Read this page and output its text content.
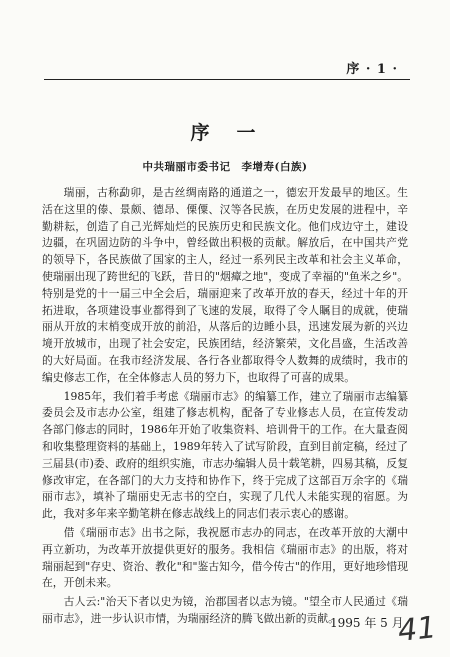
序 · 1 ·
序　一
中共瑞丽市委书记　李增寿(白族)

瑞丽，古称勐卯，是古丝绸南路的通道之一，德宏开发最早的地区。生活在这里的傣、景颇、德昂、傈僳、汉等各民族，在历史发展的进程中，辛勤耕耘，创造了自己光辉灿烂的民族历史和民族文化。他们戍边守土，建设边疆，在巩固边防的斗争中，曾经做出积极的贡献。解放后，在中国共产党的领导下，各民族做了国家的主人，经过一系列民主改革和社会主义革命，使瑞丽出现了跨世纪的飞跃，昔日的"烟瘴之地"，变成了幸福的"鱼米之乡"。特别是党的十一届三中全会后，瑞丽迎来了改革开放的春天，经过十年的开拓进取，各项建设事业都得到了飞速的发展，取得了令人瞩目的成就，使瑞丽从开放的末梢变成开放的前沿，从落后的边睡小县，迅速发展为新的兴边境开放城市，出现了社会安定，民族团结，经济繁荣，文化昌盛，生活改善的大好局面。在我市经济发展、各行各业都取得令人数舞的成绩时，我市的编史修志工作，在全体修志人员的努力下，也取得了可喜的成果。

1985年，我们着手考虑《瑞丽市志》的编纂工作，建立了瑞丽市志编纂委员会及市志办公室，组建了修志机构，配备了专业修志人员，在宣传发动各部门修志的同时，1986年开始了收集资料、培训骨干的工作。在大量查阅和收集整理资料的基础上，1989年转入了试写阶段，直到目前定稿，经过了三届县(市)委、政府的组织实施，市志办编辑人员十载笔耕，四易其稿，反复修改审定，在各部门的大力支持和协作下，终于完成了这部百万余字的《瑞丽市志》，填补了瑞丽史无志书的空白，实现了几代人未能实现的宿愿。为此，我对多年来辛勤笔耕在修志战线上的同志们表示衷心的感谢。

借《瑞丽市志》出书之际，我祝愿市志办的同志，在改革开放的大潮中再立新功，为改革开放提供更好的服务。我相信《瑞丽市志》的出版，将对瑞丽起到"存史、资治、教化"和"鉴古知今，借今传古"的作用，更好地珍惜现在，开创未来。

古人云:"治天下者以史为镜，治郡国者以志为镜。"望全市人民通过《瑞丽市志》，进一步认识市情，为瑞丽经济的腾飞做出新的贡献。

1995 年 5 月
41
